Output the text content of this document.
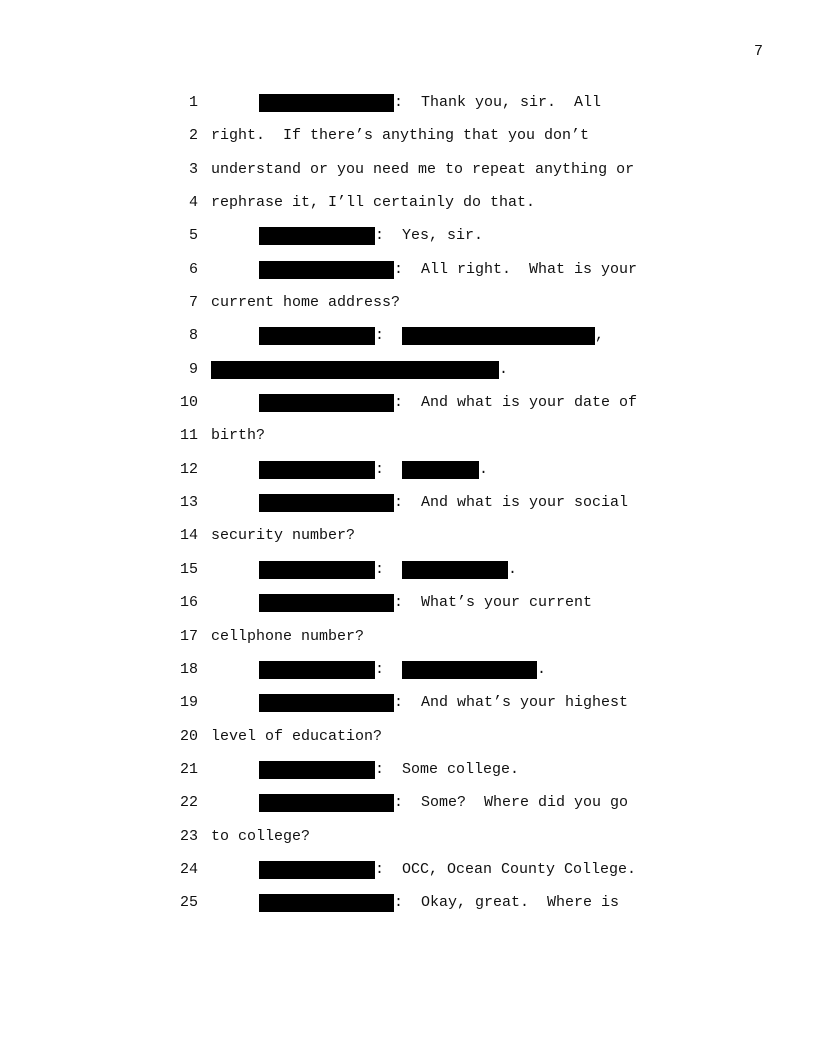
7

1

	:  Thank you, sir.  All

2

right.  If there’s anything that you don’t

3

understand or you need me to repeat anything or

4

rephrase it, I’ll certainly do that.

5

	:  Yes, sir.

6

	:  All right.  What is your

7

current home address?

8

	:	,

9

	.

10

	:  And what is your date of

11

birth?

12

	:	.

13

	:  And what is your social

14

security number?

15

	:	.

16

	:  What’s your current

17

cellphone number?

18

	:	.

19

	:  And what’s your highest

20

level of education?

21

	:  Some college.

22

	:  Some?  Where did you go

23

to college?

24

	:  OCC, Ocean County College.

25

	:  Okay, great.  Where is
